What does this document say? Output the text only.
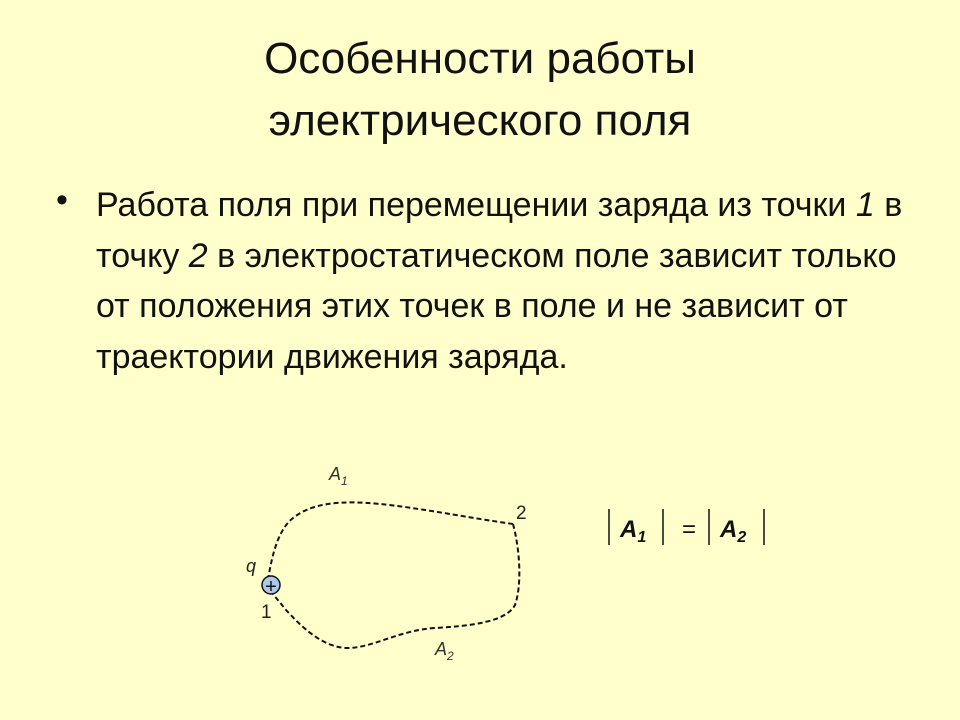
Особенности работы
электрического поля
• Работа поля при перемещении заряда из точки 1 в точку 2 в электростатическом поле зависит только от положения этих точек в поле и не зависит от траектории движения заряда.

+
q
1
2
$A_1$
$A_2$
$A_1 = A_2$
